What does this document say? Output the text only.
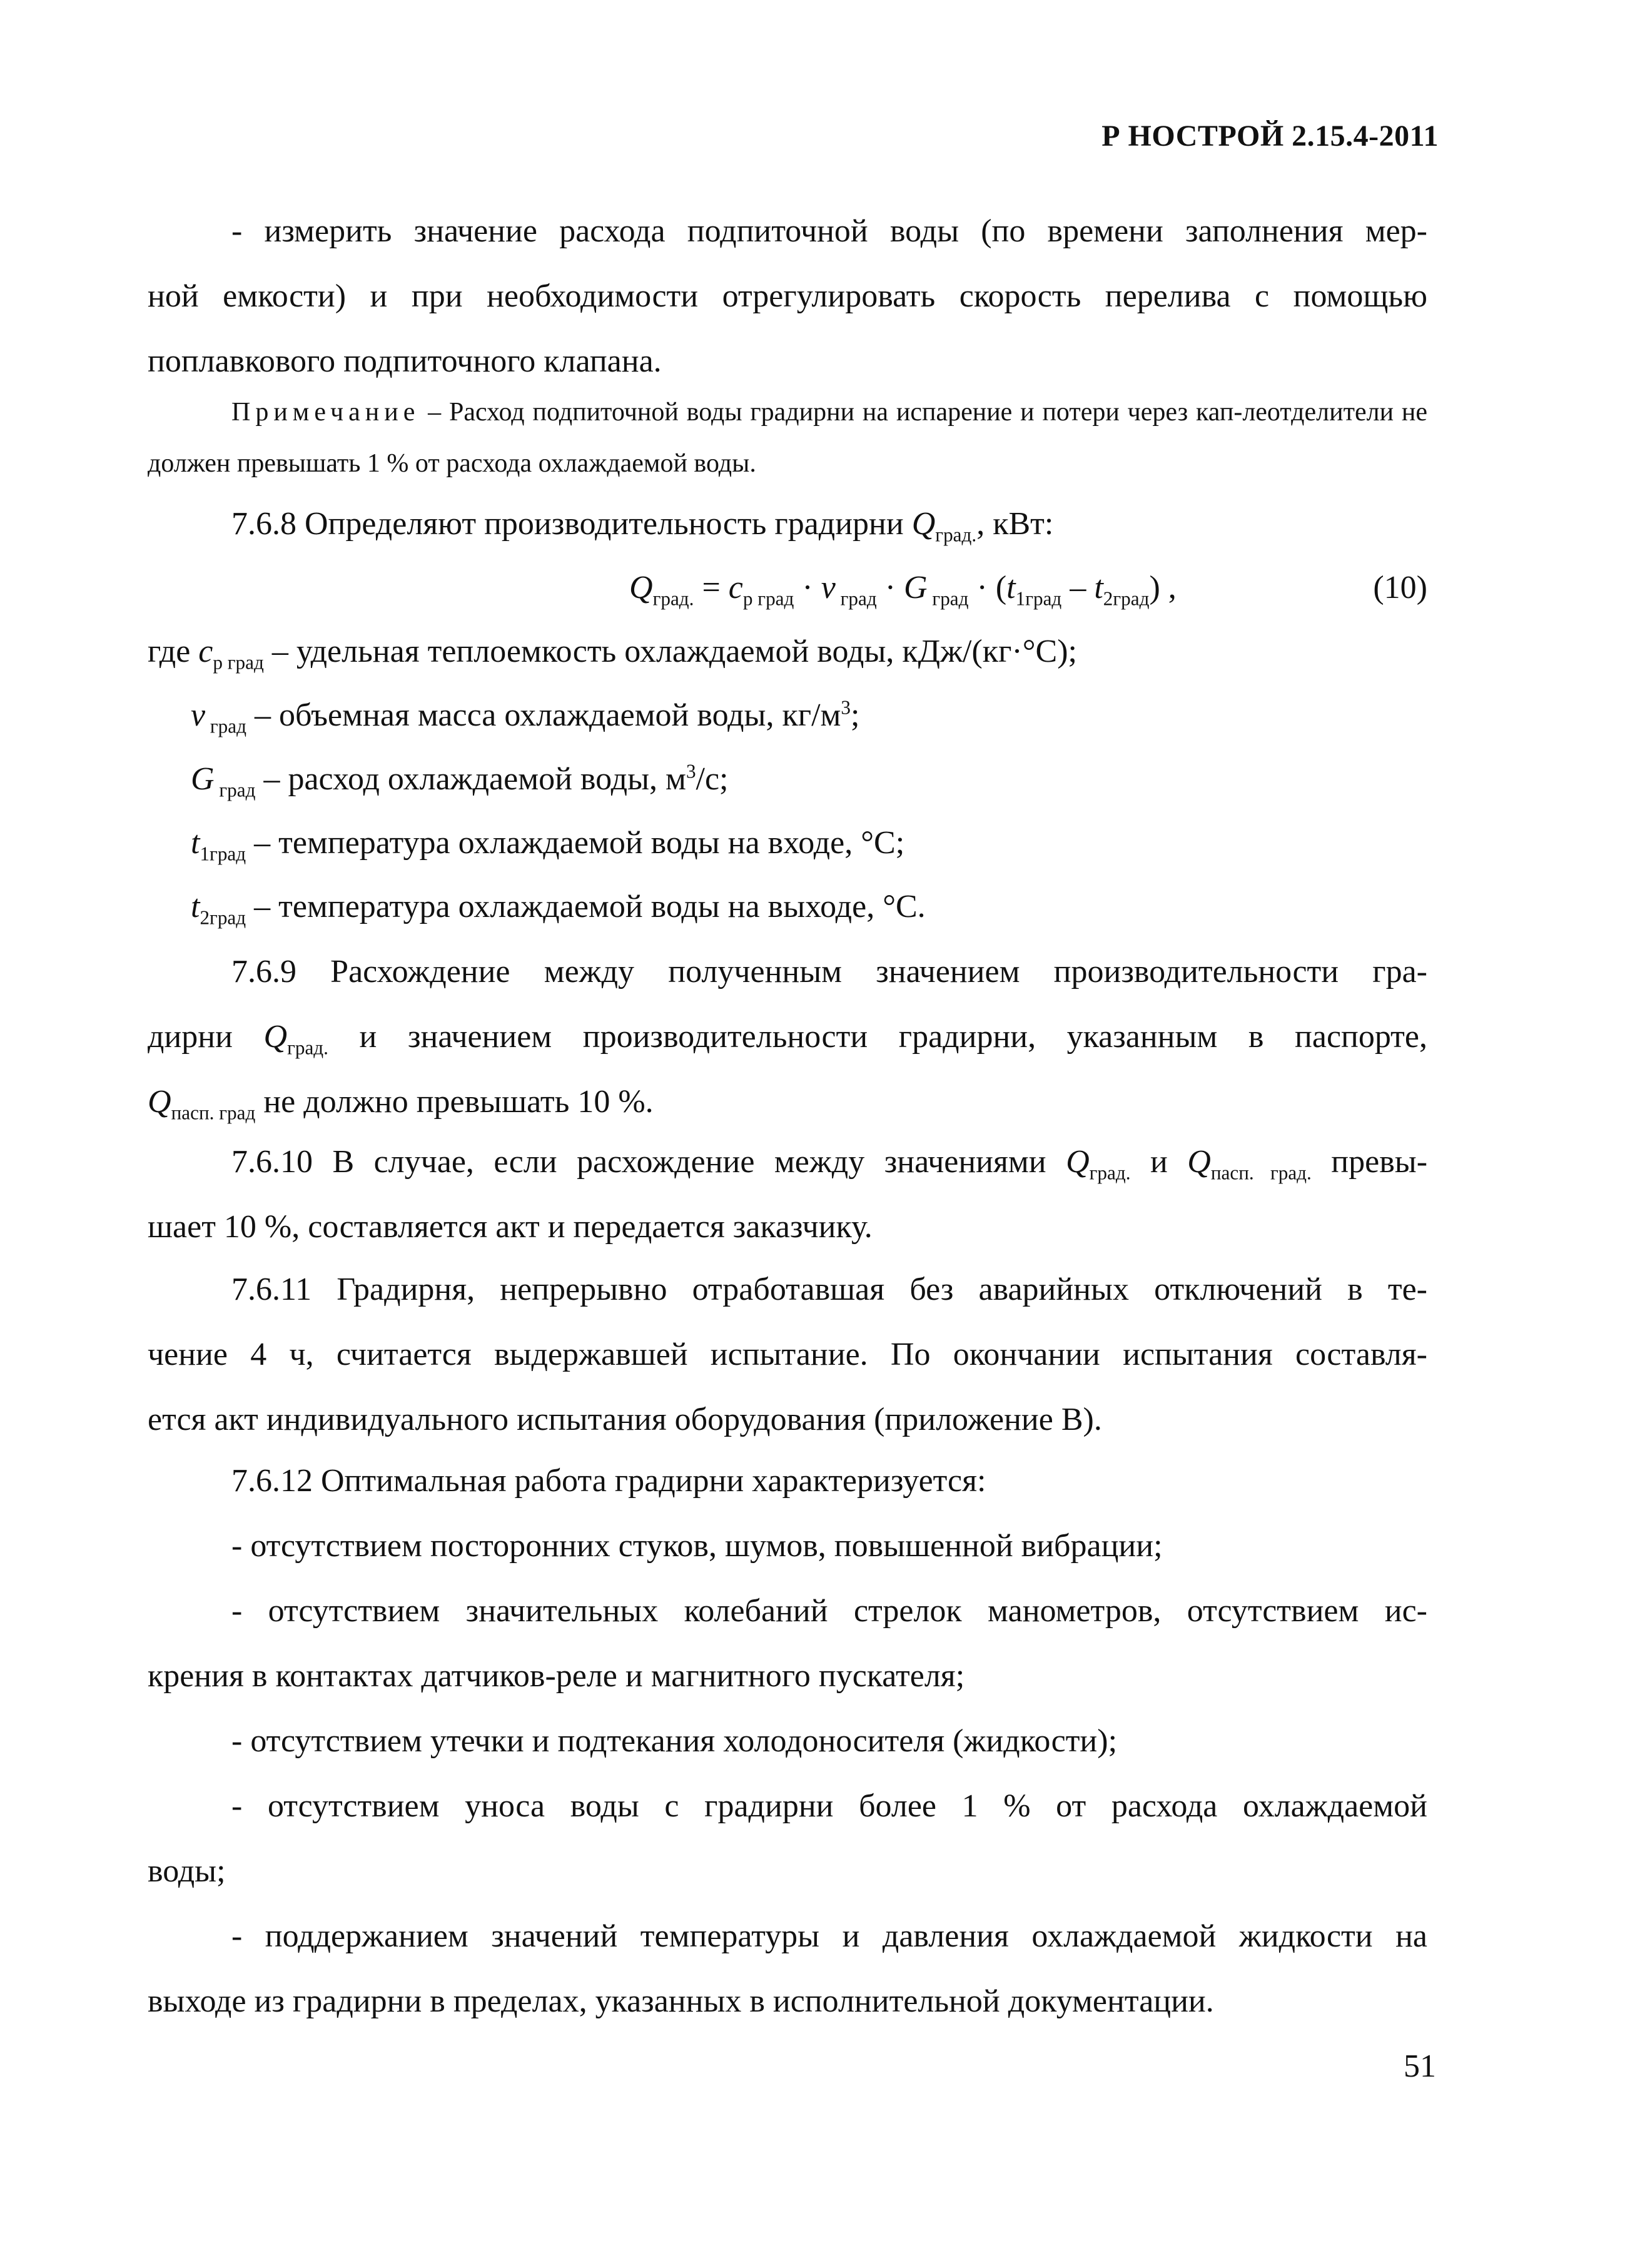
Р НОСТРОЙ 2.15.4-2011

- измерить значение расхода подпиточной воды (по времени заполнения мер-

ной емкости) и при необходимости отрегулировать скорость перелива с помощью

поплавкового подпиточного клапана.

Примечание – Расход подпиточной воды градирни на испарение и потери через кап-леотделители не должен превышать 1 % от расхода охлаждаемой воды.

7.6.8 Определяют производительность градирни $Q_{град.}$, кВт:

$Q_{град.} = c_{р град} \cdot v$ $_{град}$ · G $_{град} \cdot (t_{1град} - t_{2град})$ ,	(10)
где $c_{р град}$ – удельная теплоемкость охлаждаемой воды, кДж/(кг·°С);
v $_{град}$ – объемная масса охлаждаемой воды, $кг/м^3$;
G $_{град}$ – расход охлаждаемой воды, $м^3/с$;
$t_{1град}$ – температура охлаждаемой воды на входе, °С;
$t_{2град}$ – температура охлаждаемой воды на выходе, °С.

7.6.9 Расхождение между полученным значением производительности гра-

дирни $Q_{град.}$ и значением производительности градирни, указанным в паспорте,

$Q_{пасп. град}$ не должно превышать 10 %.

7.6.10 В случае, если расхождение между значениями $Q_{град.}$ и $Q_{пасп. град.}$ превы-

шает 10 %, составляется акт и передается заказчику.

7.6.11 Градирня, непрерывно отработавшая без аварийных отключений в те-

чение 4 ч, считается выдержавшей испытание. По окончании испытания составля-

ется акт индивидуального испытания оборудования (приложение В).

7.6.12 Оптимальная работа градирни характеризуется:

- отсутствием посторонних стуков, шумов, повышенной вибрации;

- отсутствием значительных колебаний стрелок манометров, отсутствием ис-

крения в контактах датчиков-реле и магнитного пускателя;

- отсутствием утечки и подтекания холодоносителя (жидкости);

- отсутствием уноса воды с градирни более 1 % от расхода охлаждаемой

воды;

- поддержанием значений температуры и давления охлаждаемой жидкости на

выходе из градирни в пределах, указанных в исполнительной документации.

51
